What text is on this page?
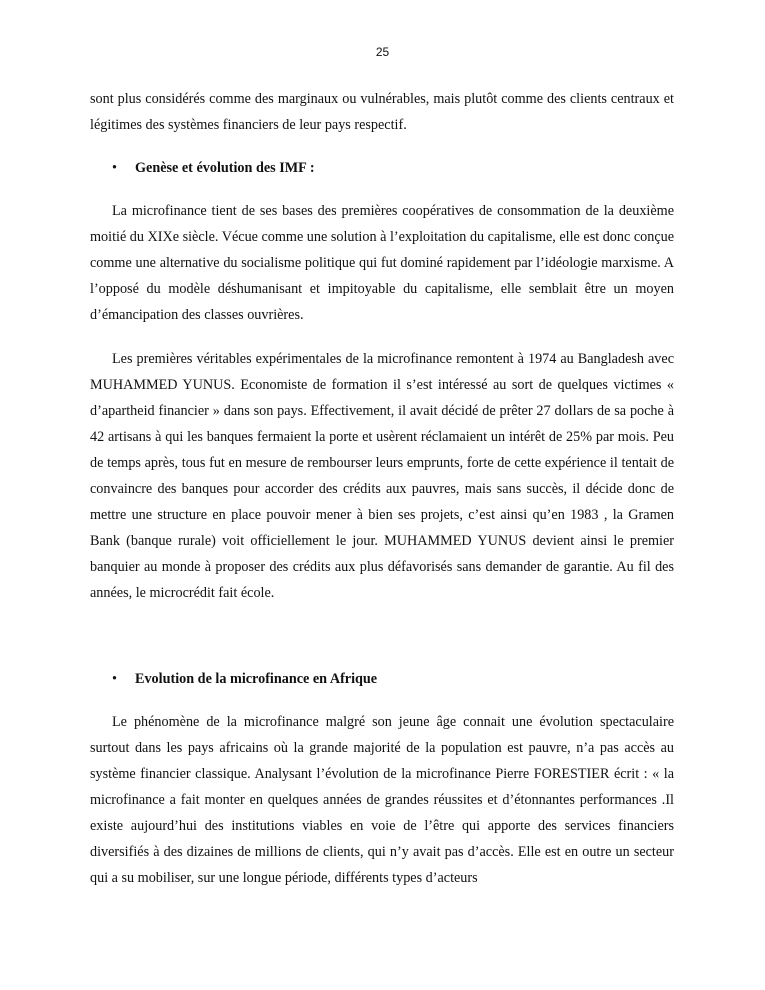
25

sont plus considérés comme des marginaux ou vulnérables, mais plutôt comme des clients centraux et légitimes des systèmes financiers de leur pays respectif.

• Genèse et évolution des IMF :

La microfinance tient de ses bases des premières coopératives de consommation de la deuxième moitié du XIXe siècle. Vécue comme une solution à l’exploitation du capitalisme, elle est donc conçue comme une alternative du socialisme politique qui fut dominé rapidement par l’idéologie marxisme. A l’opposé du modèle déshumanisant et impitoyable du capitalisme, elle semblait être un moyen d’émancipation des classes ouvrières.

Les premières véritables expérimentales de la microfinance remontent à 1974 au Bangladesh avec MUHAMMED YUNUS. Economiste de formation il s’est intéressé au sort de quelques victimes « d’apartheid financier » dans son pays. Effectivement, il avait décidé de prêter 27 dollars de sa poche à 42 artisans à qui les banques fermaient la porte et usèrent réclamaient un intérêt de 25% par mois. Peu de temps après, tous fut en mesure de rembourser leurs emprunts, forte de cette expérience il tentait de convaincre des banques pour accorder des crédits aux pauvres, mais sans succès, il décide donc de mettre une structure en place pouvoir mener à bien ses projets, c’est ainsi qu’en 1983 , la Gramen Bank (banque rurale) voit officiellement le jour. MUHAMMED YUNUS devient ainsi le premier banquier au monde à proposer des crédits aux plus défavorisés sans demander de garantie. Au fil des années, le microcrédit fait école.

• Evolution de la microfinance en Afrique

Le phénomène de la microfinance malgré son jeune âge connait une évolution spectaculaire surtout dans les pays africains où la grande majorité de la population est pauvre, n’a pas accès au système financier classique. Analysant l’évolution de la microfinance Pierre FORESTIER écrit : « la microfinance a fait monter en quelques années de grandes réussites et d’étonnantes performances .Il existe aujourd’hui des institutions viables en voie de l’être qui apporte des services financiers diversifiés à des dizaines de millions de clients, qui n’y avait pas d’accès. Elle est en outre un secteur qui a su mobiliser, sur une longue période, différents types d’acteurs
